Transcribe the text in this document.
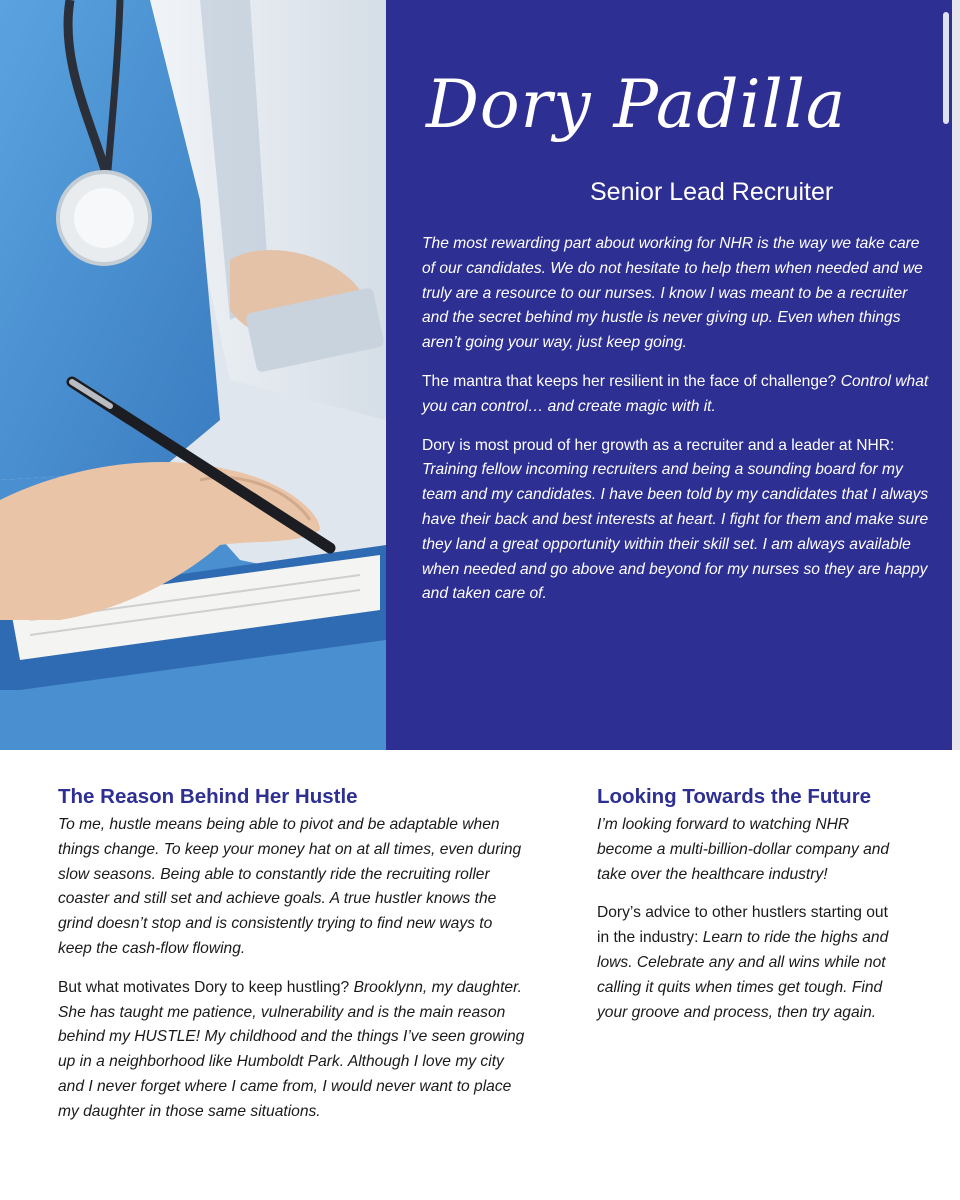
Dory Padilla
Senior Lead Recruiter

The most rewarding part about working for NHR is the way we take care of our candidates. We do not hesitate to help them when needed and we truly are a resource to our nurses. I know I was meant to be a recruiter and the secret behind my hustle is never giving up. Even when things aren’t going your way, just keep going.

The mantra that keeps her resilient in the face of challenge? Control what you can control… and create magic with it.

Dory is most proud of her growth as a recruiter and a leader at NHR: Training fellow incoming recruiters and being a sounding board for my team and my candidates. I have been told by my candidates that I always have their back and best interests at heart. I fight for them and make sure they land a great opportunity within their skill set. I am always available when needed and go above and beyond for my nurses so they are happy and taken care of.

The Reason Behind Her Hustle

To me, hustle means being able to pivot and be adaptable when things change. To keep your money hat on at all times, even during slow seasons. Being able to constantly ride the recruiting roller coaster and still set and achieve goals. A true hustler knows the grind doesn’t stop and is consistently trying to find new ways to keep the cash-flow flowing.

But what motivates Dory to keep hustling? Brooklynn, my daughter. She has taught me patience, vulnerability and is the main reason behind my HUSTLE! My childhood and the things I’ve seen growing up in a neighborhood like Humboldt Park. Although I love my city and I never forget where I came from, I would never want to place my daughter in those same situations.

Looking Towards the Future

I’m looking forward to watching NHR become a multi-billion-dollar company and take over the healthcare industry!

Dory’s advice to other hustlers starting out in the industry: Learn to ride the highs and lows. Celebrate any and all wins while not calling it quits when times get tough. Find your groove and process, then try again.
